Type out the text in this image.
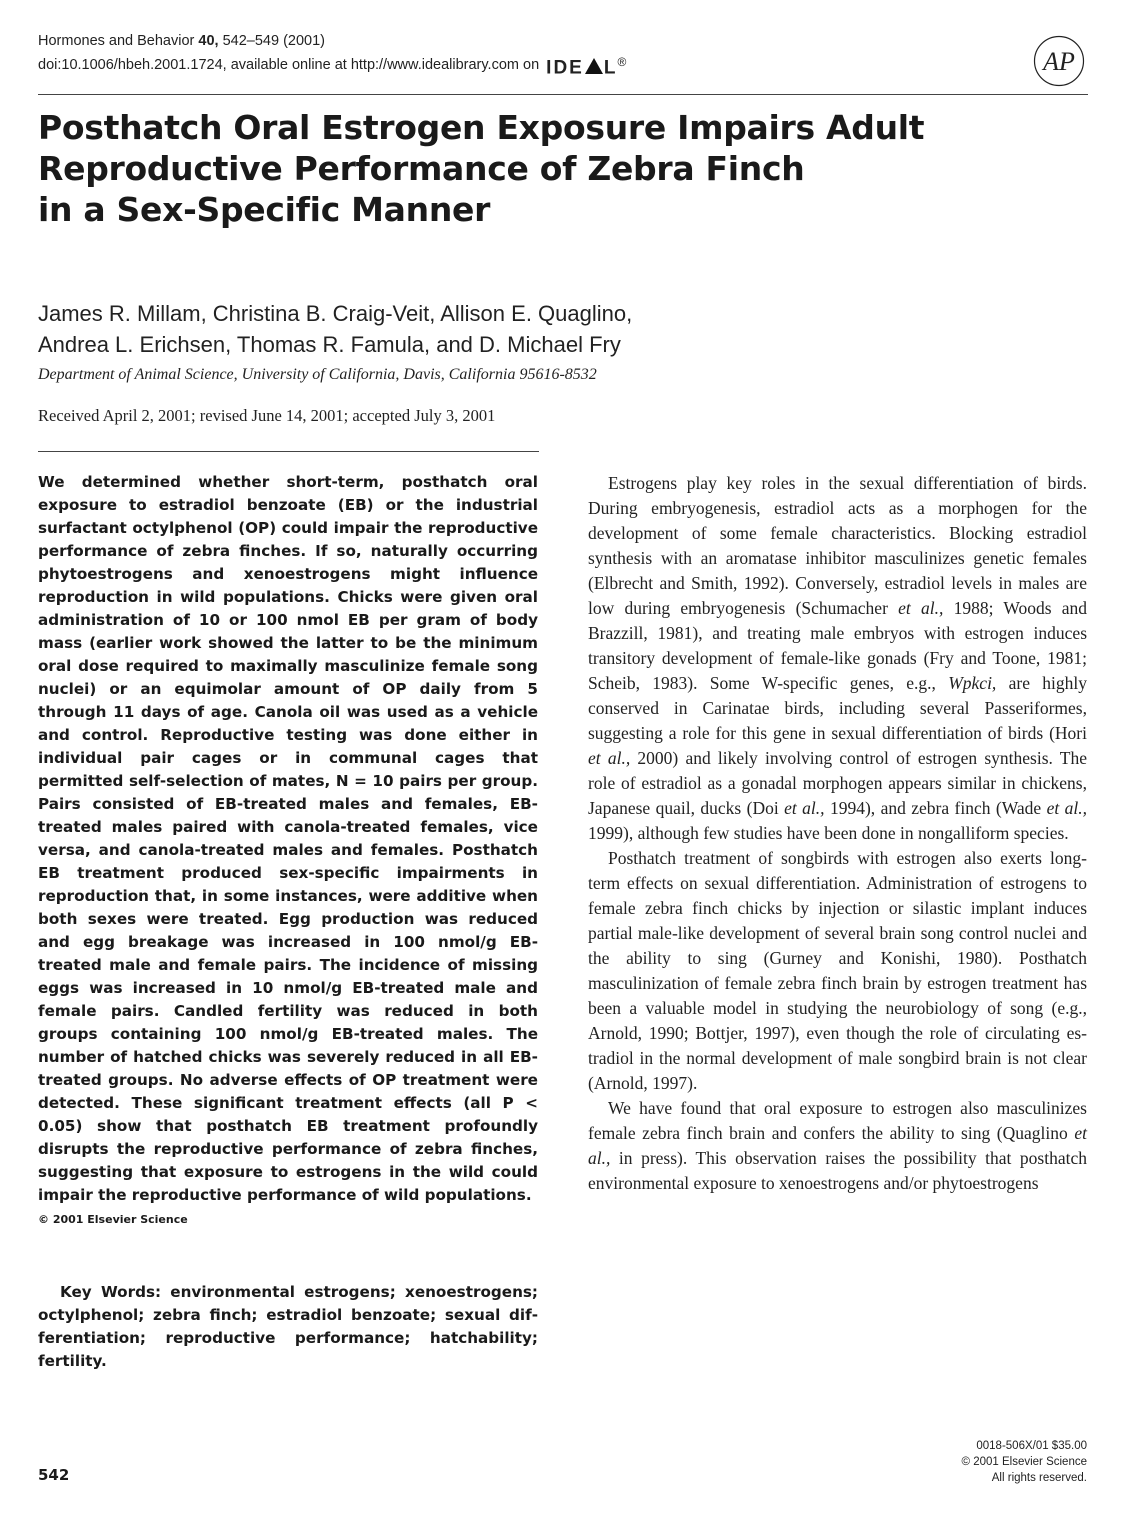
Hormones and Behavior 40, 542–549 (2001)
doi:10.1006/hbeh.2001.1724, available online at http://www.idealibrary.com on IDE L®	AP
Posthatch Oral Estrogen Exposure Impairs Adult
Reproductive Performance of Zebra Finch
in a Sex-Specific Manner
James R. Millam, Christina B. Craig-Veit, Allison E. Quaglino,
Andrea L. Erichsen, Thomas R. Famula, and D. Michael Fry
Department of Animal Science, University of California, Davis, California 95616-8532
Received April 2, 2001; revised June 14, 2001; accepted July 3, 2001

We determined whether short-term, posthatch oral exposure to estradiol benzoate (EB) or the industrial surfactant octylphenol (OP) could impair the reproductive performance of zebra finches. If so, naturally occurring phytoestrogens and xenoestrogens might influence reproduction in wild populations. Chicks were given oral administration of 10 or 100 nmol EB per gram of body mass (earlier work showed the latter to be the minimum oral dose required to maximally masculinize female song nuclei) or an equimolar amount of OP daily from 5 through 11 days of age. Canola oil was used as a vehicle and control. Reproductive testing was done either in individual pair cages or in communal cages that permitted self-selection of mates, N = 10 pairs per group. Pairs consisted of EB-treated males and females, EB-treated males paired with canola-treated females, vice versa, and canola-treated males and females. Posthatch EB treatment produced sex-specific impairments in reproduction that, in some instances, were additive when both sexes were treated. Egg production was reduced and egg breakage was increased in 100 nmol/g EB-treated male and female pairs. The incidence of missing eggs was increased in 10 nmol/g EB-treated male and female pairs. Candled fertility was reduced in both groups containing 100 nmol/g EB-treated males. The number of hatched chicks was severely reduced in all EB-treated groups. No adverse effects of OP treatment were detected. These significant treatment effects (all P < 0.05) show that posthatch EB treatment profoundly disrupts the reproductive performance of zebra finches, suggesting that exposure to estrogens in the wild could impair the reproductive performance of wild populations.
© 2001 Elsevier Science

Key Words: environmental estrogens; xenoestrogens; octylphenol; zebra finch; estradiol benzoate; sexual differentiation; reproductive performance; hatchability; fertility.

Estrogens play key roles in the sexual differentiation of birds. During embryogenesis, estradiol acts as a morphogen for the development of some female characteristics. Blocking estradiol synthesis with an aromatase inhibitor masculinizes genetic females (Elbrecht and Smith, 1992). Conversely, estradiol levels in males are low during embryogenesis (Schumacher et al., 1988; Woods and Brazzill, 1981), and treating male embryos with estrogen induces transitory development of female-like gonads (Fry and Toone, 1981; Scheib, 1983). Some W-specific genes, e.g., Wpkci, are highly conserved in Carinatae birds, including several Passeriformes, suggesting a role for this gene in sexual differentiation of birds (Hori et al., 2000) and likely involving control of estrogen synthesis. The role of estradiol as a gonadal morphogen appears similar in chickens, Japanese quail, ducks (Doi et al., 1994), and zebra finch (Wade et al., 1999), although few studies have been done in nongalliform species.

Posthatch treatment of songbirds with estrogen also exerts long-term effects on sexual differentiation. Administration of estrogens to female zebra finch chicks by injection or silastic implant induces partial male-like development of several brain song control nuclei and the ability to sing (Gurney and Konishi, 1980). Posthatch masculinization of female zebra finch brain by estrogen treatment has been a valuable model in studying the neurobiology of song (e.g., Arnold, 1990; Bottjer, 1997), even though the role of circulating estradiol in the normal development of male songbird brain is not clear (Arnold, 1997).

We have found that oral exposure to estrogen also masculinizes female zebra finch brain and confers the ability to sing (Quaglino et al., in press). This observation raises the possibility that posthatch environmental exposure to xenoestrogens and/or phytoestrogens

542
0018-506X/01 $35.00
© 2001 Elsevier Science
All rights reserved.
